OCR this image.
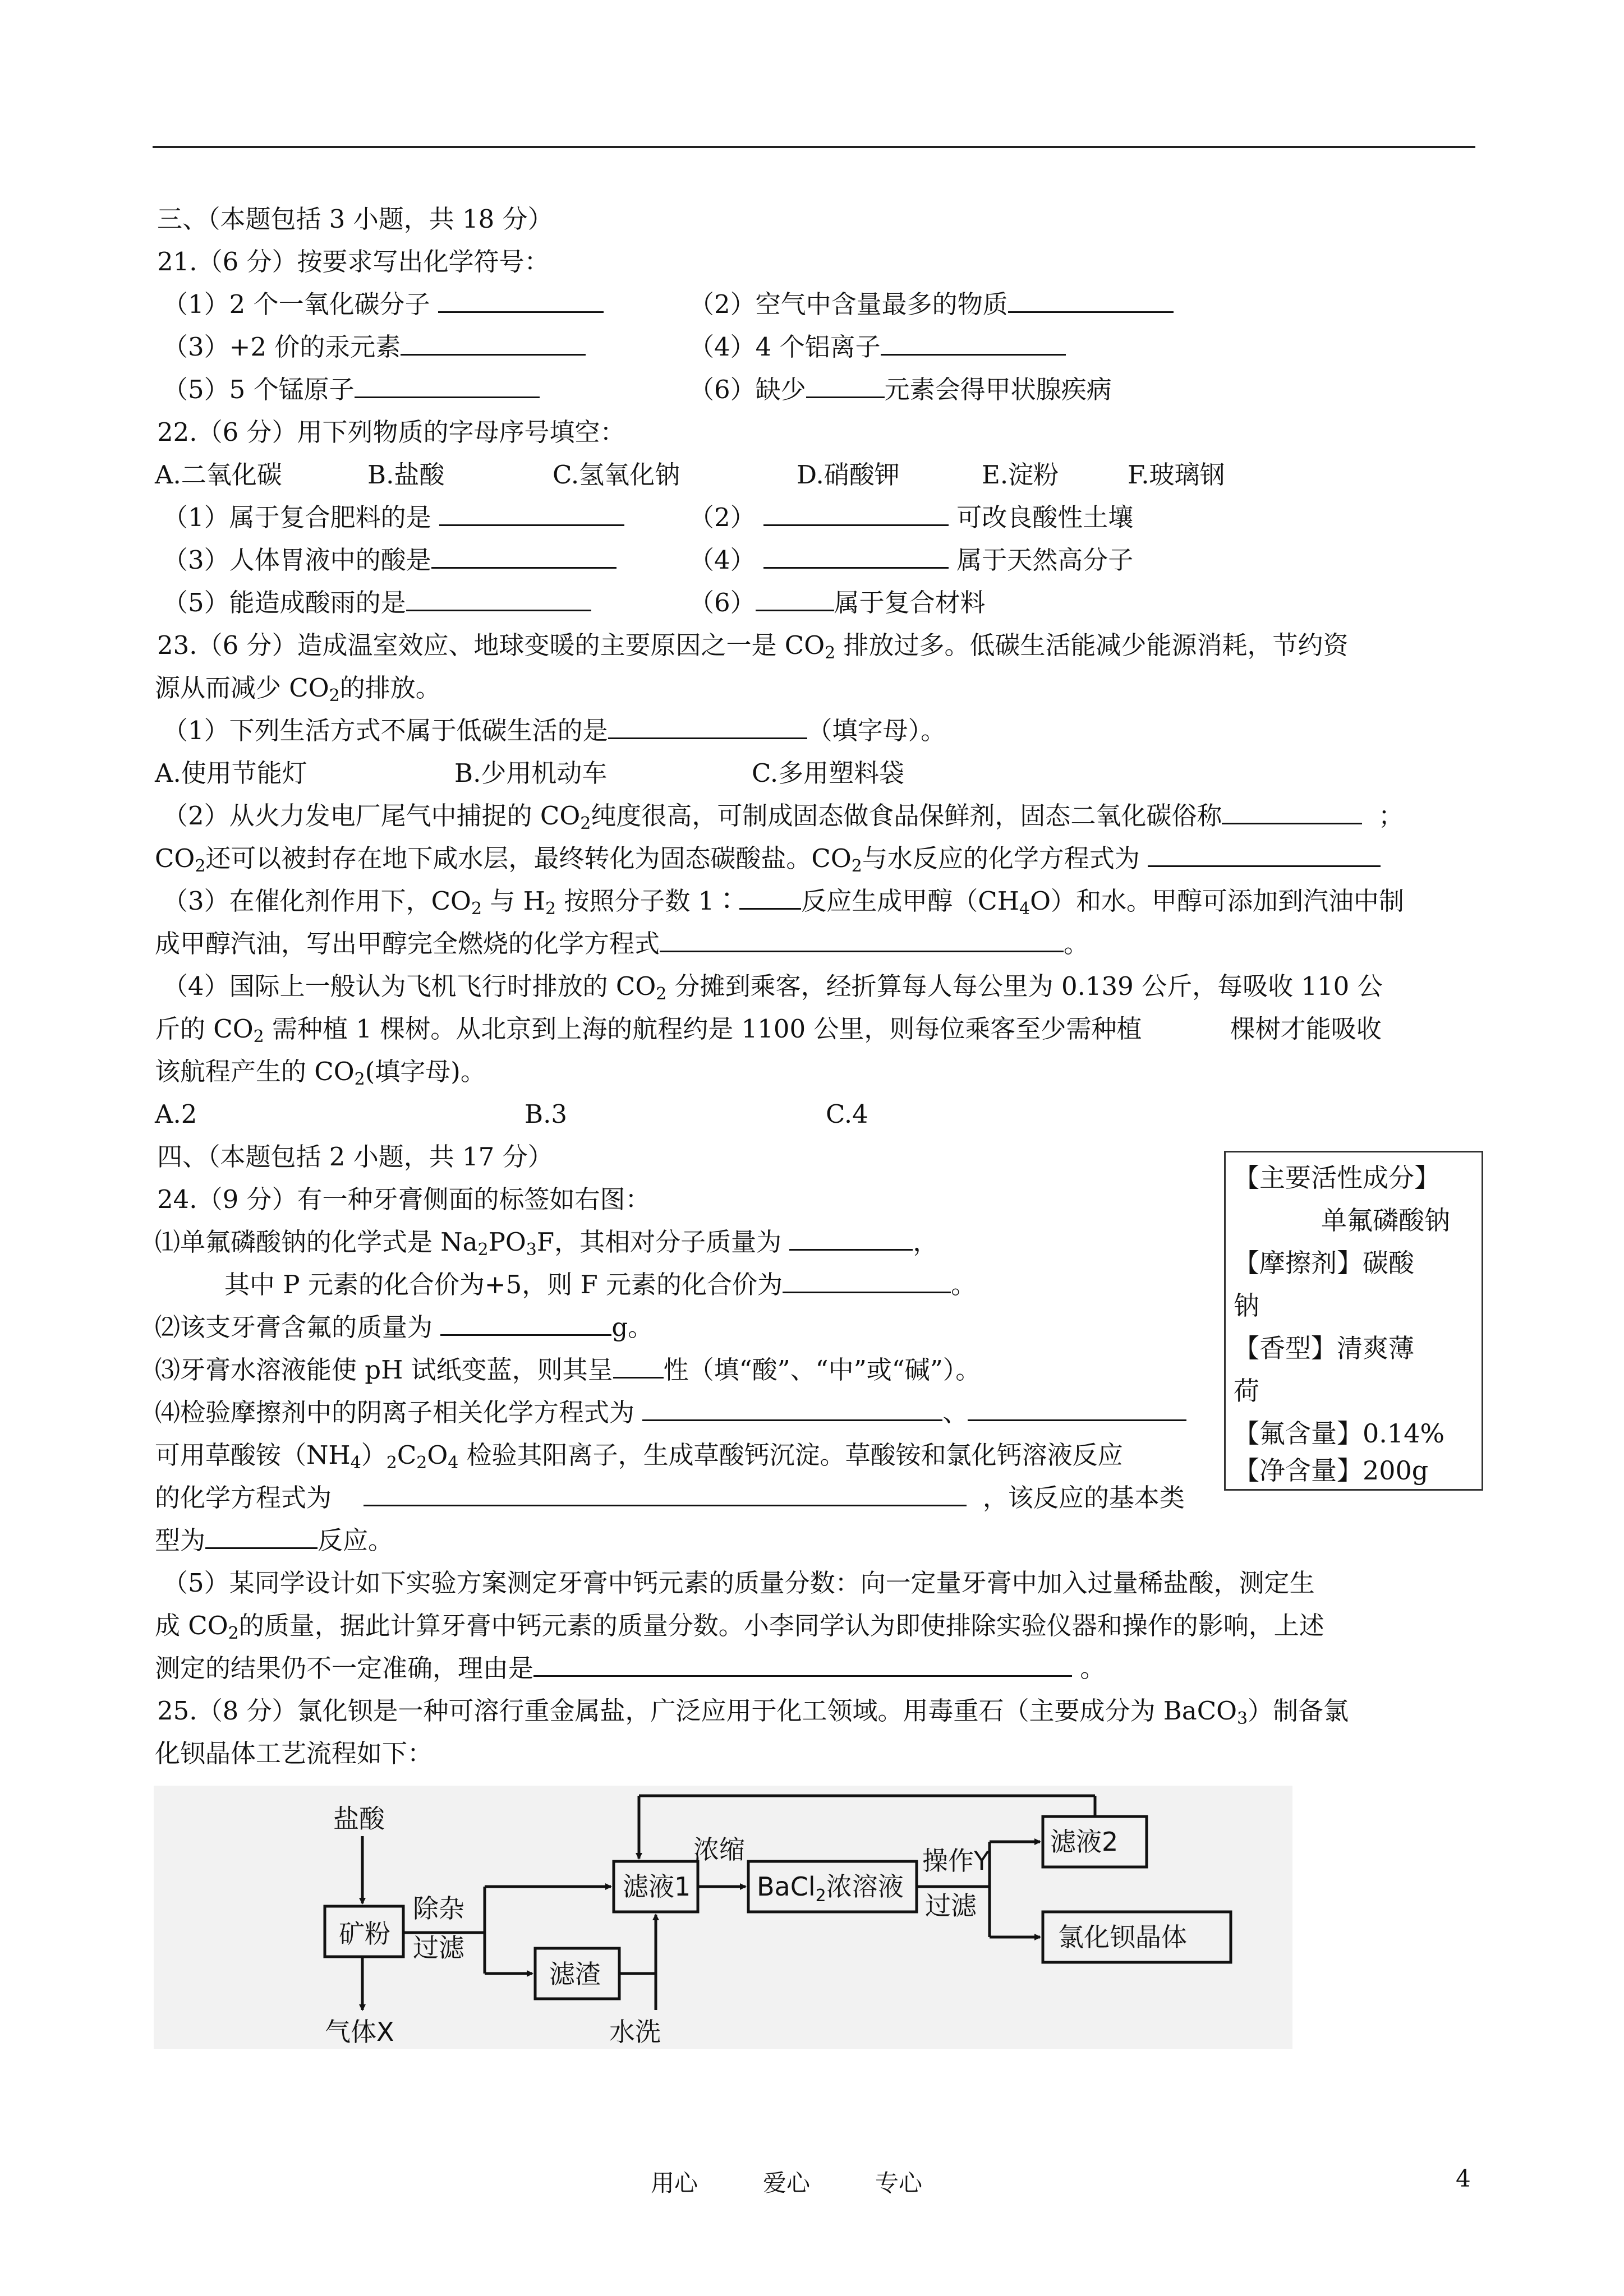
三、（本题包括 3 小题，共 18 分）
21.（6 分）按要求写出化学符号：
（1）2 个一氧化碳分子	（2）空气中含量最多的物质
（3）+2 价的汞元素	（4）4 个铝离子
（5）5 个锰原子	（6）缺少	元素会得甲状腺疾病
22.（6 分）用下列物质的字母序号填空：
A.二氧化碳	B.盐酸	C.氢氧化钠	D.硝酸钾	E.淀粉	F.玻璃钢
（1）属于复合肥料的是	（2）	可改良酸性土壤
（3）人体胃液中的酸是	（4）	属于天然高分子
（5）能造成酸雨的是	（6）	属于复合材料
23.（6 分）造成温室效应、地球变暖的主要原因之一是 $CO_2$ 排放过多。低碳生活能减少能源消耗，节约资
源从而减少 $CO_2$的排放。
（1）下列生活方式不属于低碳生活的是	（填字母）。
A.使用节能灯	B.少用机动车	C.多用塑料袋
（2）从火力发电厂尾气中捕捉的 $CO_2$纯度很高，可制成固态做食品保鲜剂，固态二氧化碳俗称	；
$CO_2$还可以被封存在地下咸水层，最终转化为固态碳酸盐。$CO_2$与水反应的化学方程式为
（3）在催化剂作用下，$CO_2$ 与 $H_2$ 按照分子数 1∶ 反应生成甲醇$(CH_4O)$和水。甲醇可添加到汽油中制
成甲醇汽油，写出甲醇完全燃烧的化学方程式	。
（4）国际上一般认为飞机飞行时排放的 $CO_2$ 分摊到乘客，经折算每人每公里为 0.139 公斤，每吸收 110 公
斤的 $CO_2$ 需种植 1 棵树。从北京到上海的航程约是 1100 公里，则每位乘客至少需种植	棵树才能吸收
该航程产生的 $CO_2$(填字母)。
A.2	B.3	C.4
四、（本题包括 2 小题，共 17 分）
24.（9 分）有一种牙膏侧面的标签如右图：
⑴单氟磷酸钠的化学式是 $Na_2PO_3F$，其相对分子质量为	，
其中 P 元素的化合价为+5，则 F 元素的化合价为	。
⑵该支牙膏含氟的质量为	g。
⑶牙膏水溶液能使 pH 试纸变蓝，则其呈 性（填“酸”、“中”或“碱”）。
⑷检验摩擦剂中的阴离子相关化学方程式为	、
可用草酸铵$(NH_4)_2C_2O_4$ 检验其阳离子，生成草酸钙沉淀。草酸铵和氯化钙溶液反应
的化学方程式为	，该反应的基本类
型为	反应。
（5）某同学设计如下实验方案测定牙膏中钙元素的质量分数：向一定量牙膏中加入过量稀盐酸，测定生
成 $CO_2$的质量，据此计算牙膏中钙元素的质量分数。小李同学认为即使排除实验仪器和操作的影响，上述
测定的结果仍不一定准确，理由是	。
【主要活性成分】
单氟磷酸钠
【摩擦剂】碳酸
钠
【香型】清爽薄
荷
【氟含量】0.14%
【净含量】200g
25.（8 分）氯化钡是一种可溶行重金属盐，广泛应用于化工领域。用毒重石（主要成分为 BaCO$_3$）制备氯
化钡晶体工艺流程如下：
盐酸
矿粉
气体X
除杂
过滤
滤液1
滤渣
水洗
浓缩
BaCl$_2$浓溶液
操作Y
过滤
滤液2
氯化钡晶体
用心	爱心	专心	4
